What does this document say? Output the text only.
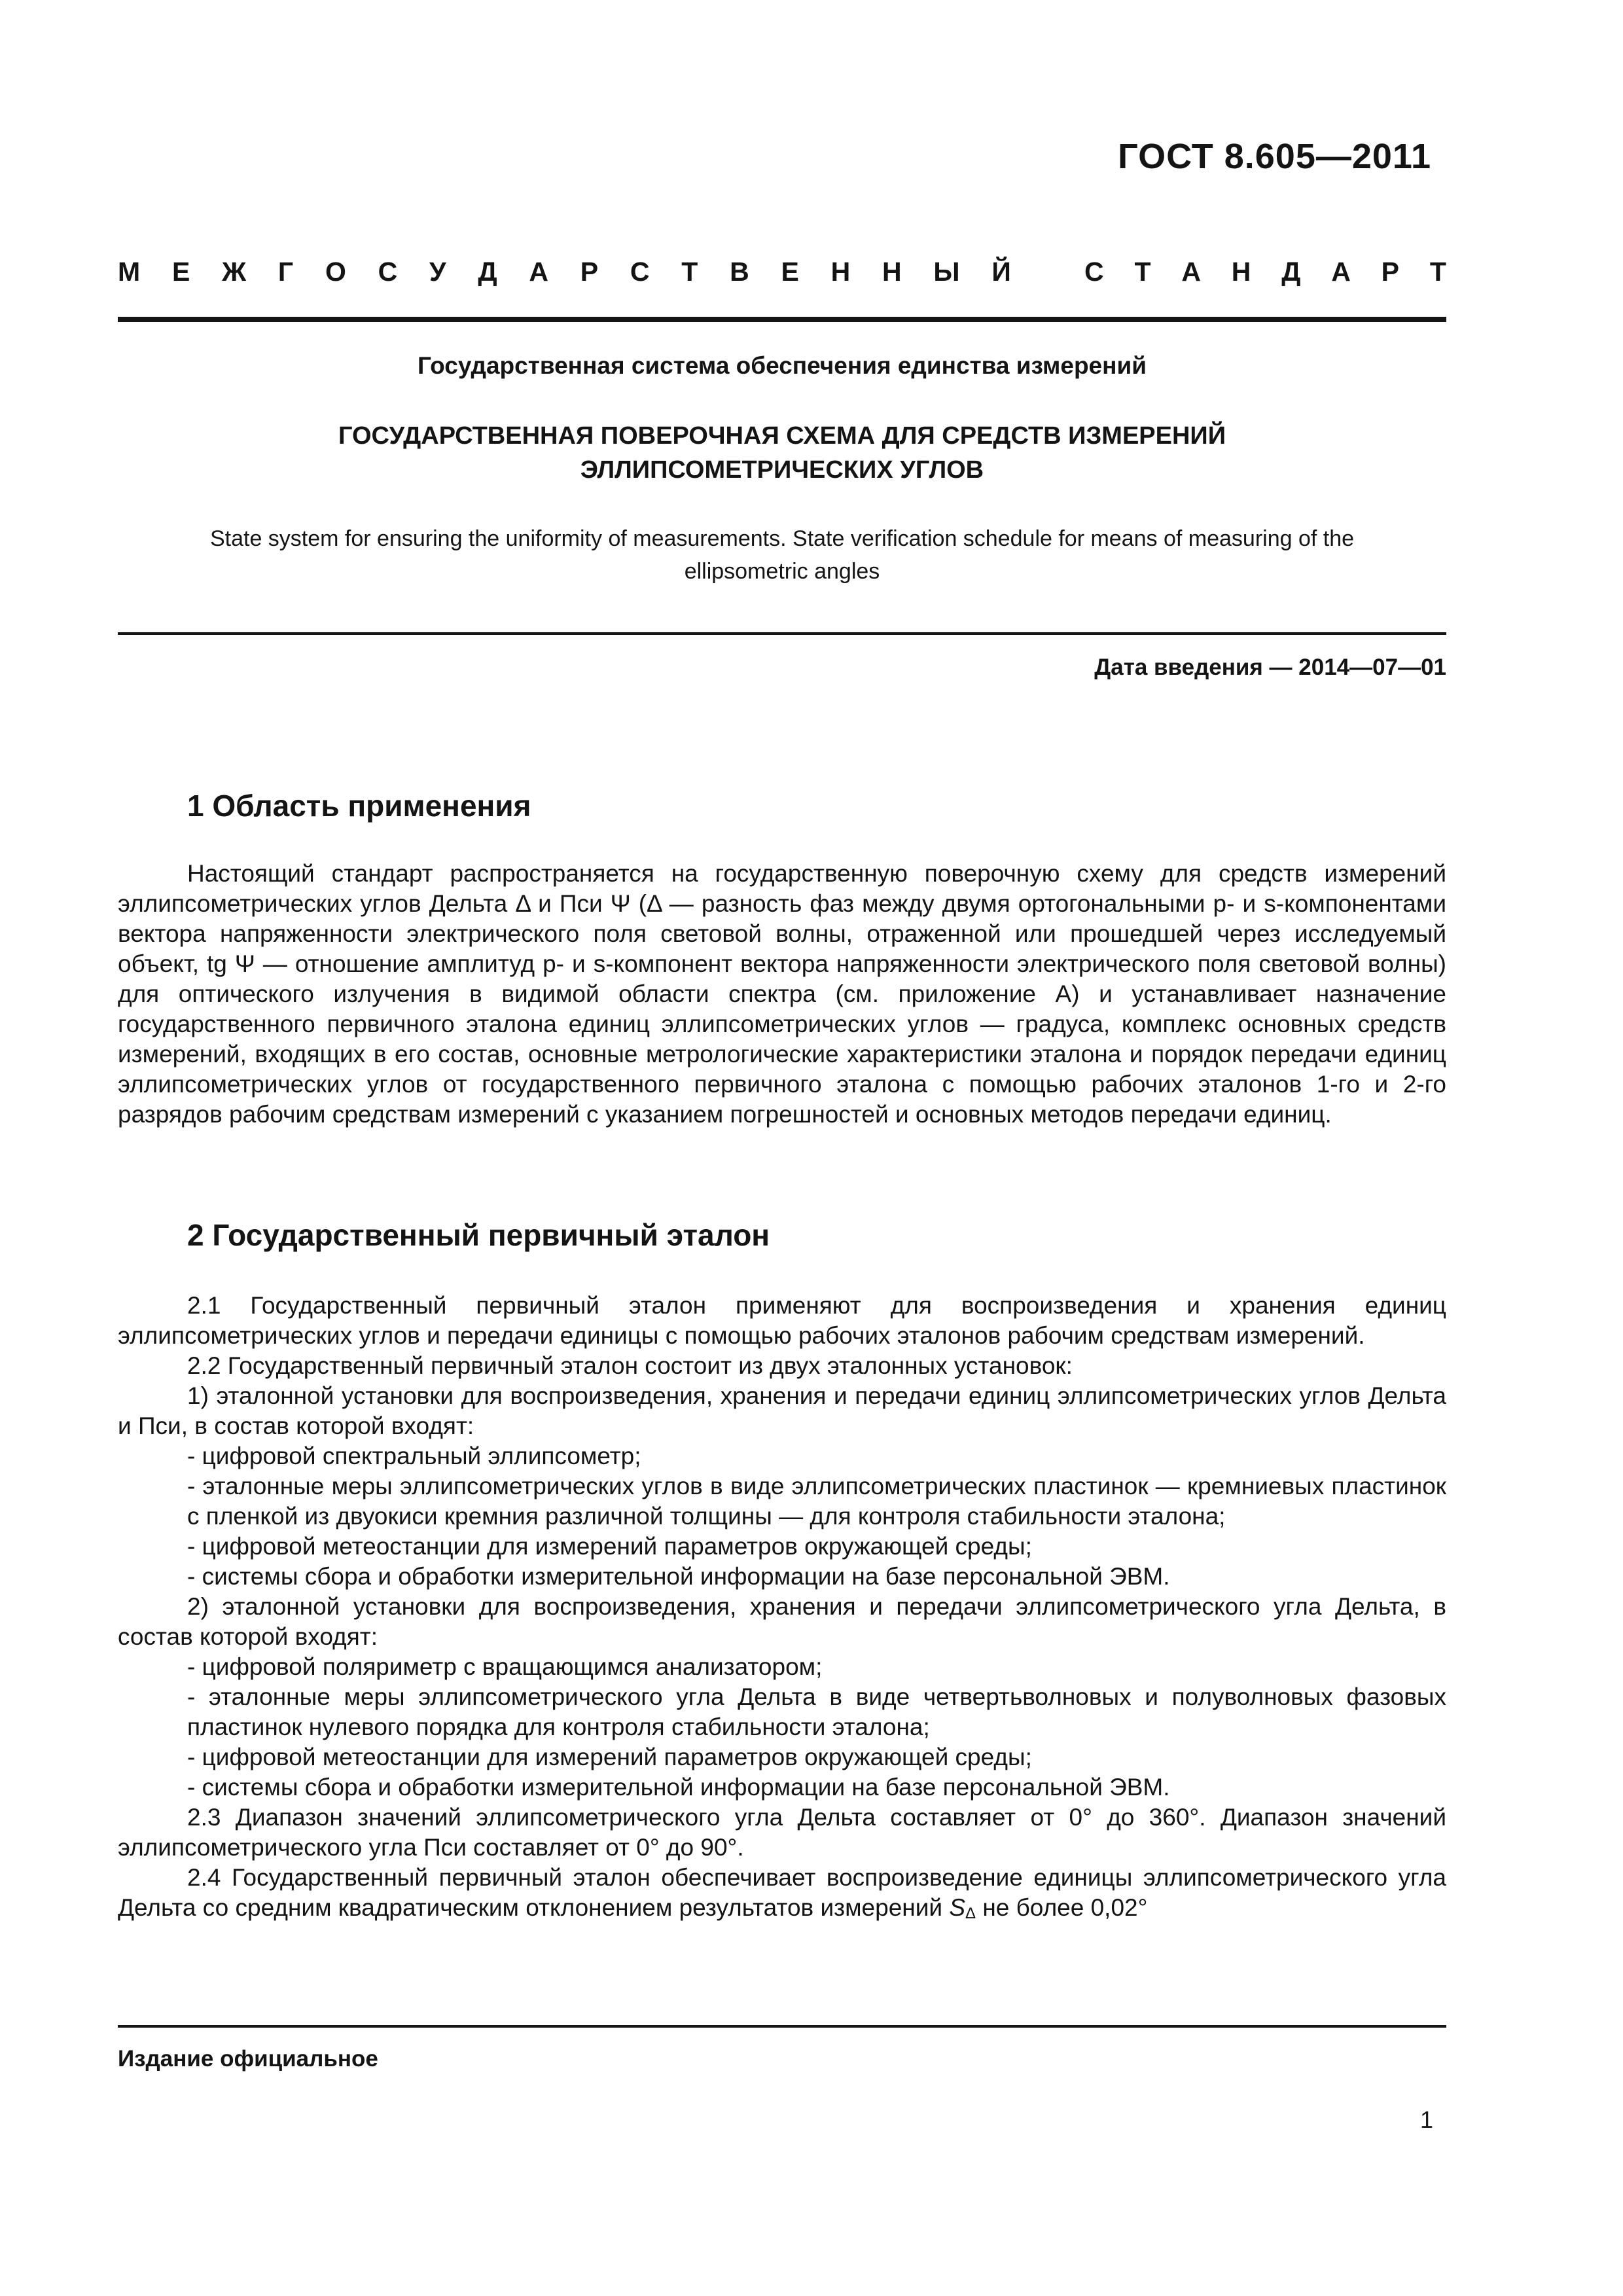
ГОСТ 8.605—2011
М Е Ж Г О С У Д А Р С Т В Е Н Н Ы Й	С Т А Н Д А Р Т
Государственная система обеспечения единства измерений
ГОСУДАРСТВЕННАЯ ПОВЕРОЧНАЯ СХЕМА ДЛЯ СРЕДСТВ ИЗМЕРЕНИЙ
ЭЛЛИПСОМЕТРИЧЕСКИХ УГЛОВ
State system for ensuring the uniformity of measurements. State verification schedule for means of measuring of the
ellipsometric angles
Дата введения — 2014—07—01
1 Область применения

Настоящий стандарт распространяется на государственную поверочную схему для средств измерений эллипсометрических углов Дельта Δ и Пси Ψ (Δ — разность фаз между двумя ортогональными p- и s-компонентами вектора напряженности электрического поля световой волны, отраженной или прошедшей через исследуемый объект, tg Ψ — отношение амплитуд p- и s-компонент вектора напряженности электрического поля световой волны) для оптического излучения в видимой области спектра (см. приложение А) и устанавливает назначение государственного первичного эталона единиц эллипсометрических углов — градуса, комплекс основных средств измерений, входящих в его состав, основные метрологические характеристики эталона и порядок передачи единиц эллипсометрических углов от государственного первичного эталона с помощью рабочих эталонов 1-го и 2-го разрядов рабочим средствам измерений с указанием погрешностей и основных методов передачи единиц.

2 Государственный первичный эталон

2.1 Государственный первичный эталон применяют для воспроизведения и хранения единиц эллипсометрических углов и передачи единицы с помощью рабочих эталонов рабочим средствам измерений.

2.2 Государственный первичный эталон состоит из двух эталонных установок:

1) эталонной установки для воспроизведения, хранения и передачи единиц эллипсометрических углов Дельта и Пси, в состав которой входят:

- цифровой спектральный эллипсометр;

- эталонные меры эллипсометрических углов в виде эллипсометрических пластинок — кремниевых пластинок с пленкой из двуокиси кремния различной толщины — для контроля стабильности эталона;

- цифровой метеостанции для измерений параметров окружающей среды;

- системы сбора и обработки измерительной информации на базе персональной ЭВМ.

2) эталонной установки для воспроизведения, хранения и передачи эллипсометрического угла Дельта, в состав которой входят:

- цифровой поляриметр с вращающимся анализатором;

- эталонные меры эллипсометрического угла Дельта в виде четвертьволновых и полуволновых фазовых пластинок нулевого порядка для контроля стабильности эталона;

- цифровой метеостанции для измерений параметров окружающей среды;

- системы сбора и обработки измерительной информации на базе персональной ЭВМ.

2.3 Диапазон значений эллипсометрического угла Дельта составляет от 0° до 360°. Диапазон значений эллипсометрического угла Пси составляет от 0° до 90°.

2.4 Государственный первичный эталон обеспечивает воспроизведение единицы эллипсометрического угла Дельта со средним квадратическим отклонением результатов измерений $S_\Delta$ не более 0,02°

Издание официальное
1
